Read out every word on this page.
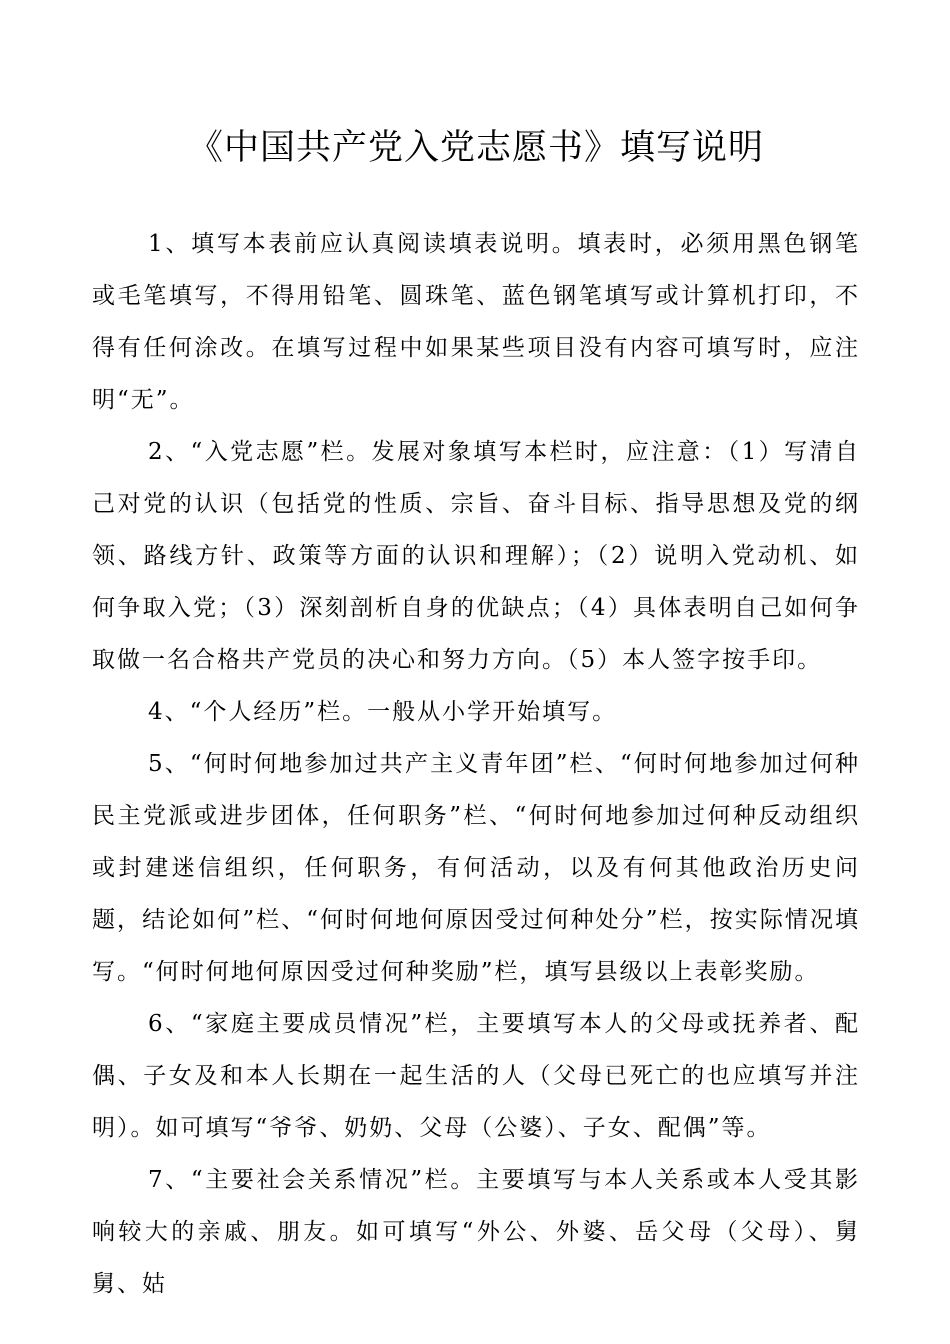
《中国共产党入党志愿书》填写说明

1、填写本表前应认真阅读填表说明。填表时，必须用黑色钢笔或毛笔填写，不得用铅笔、圆珠笔、蓝色钢笔填写或计算机打印，不得有任何涂改。在填写过程中如果某些项目没有内容可填写时，应注明“无”。

2、“入党志愿”栏。发展对象填写本栏时，应注意：（1）写清自己对党的认识（包括党的性质、宗旨、奋斗目标、指导思想及党的纲领、路线方针、政策等方面的认识和理解）；（2）说明入党动机、如何争取入党；（3）深刻剖析自身的优缺点；（4）具体表明自己如何争取做一名合格共产党员的决心和努力方向。（5）本人签字按手印。

4、“个人经历”栏。一般从小学开始填写。

5、“何时何地参加过共产主义青年团”栏、“何时何地参加过何种民主党派或进步团体，任何职务”栏、“何时何地参加过何种反动组织或封建迷信组织，任何职务，有何活动，以及有何其他政治历史问题，结论如何”栏、“何时何地何原因受过何种处分”栏，按实际情况填写。“何时何地何原因受过何种奖励”栏，填写县级以上表彰奖励。

6、“家庭主要成员情况”栏，主要填写本人的父母或抚养者、配偶、子女及和本人长期在一起生活的人（父母已死亡的也应填写并注明）。如可填写“爷爷、奶奶、父母（公婆）、子女、配偶”等。

7、“主要社会关系情况”栏。主要填写与本人关系或本人受其影响较大的亲戚、朋友。如可填写“外公、外婆、岳父母（父母）、舅舅、姑
